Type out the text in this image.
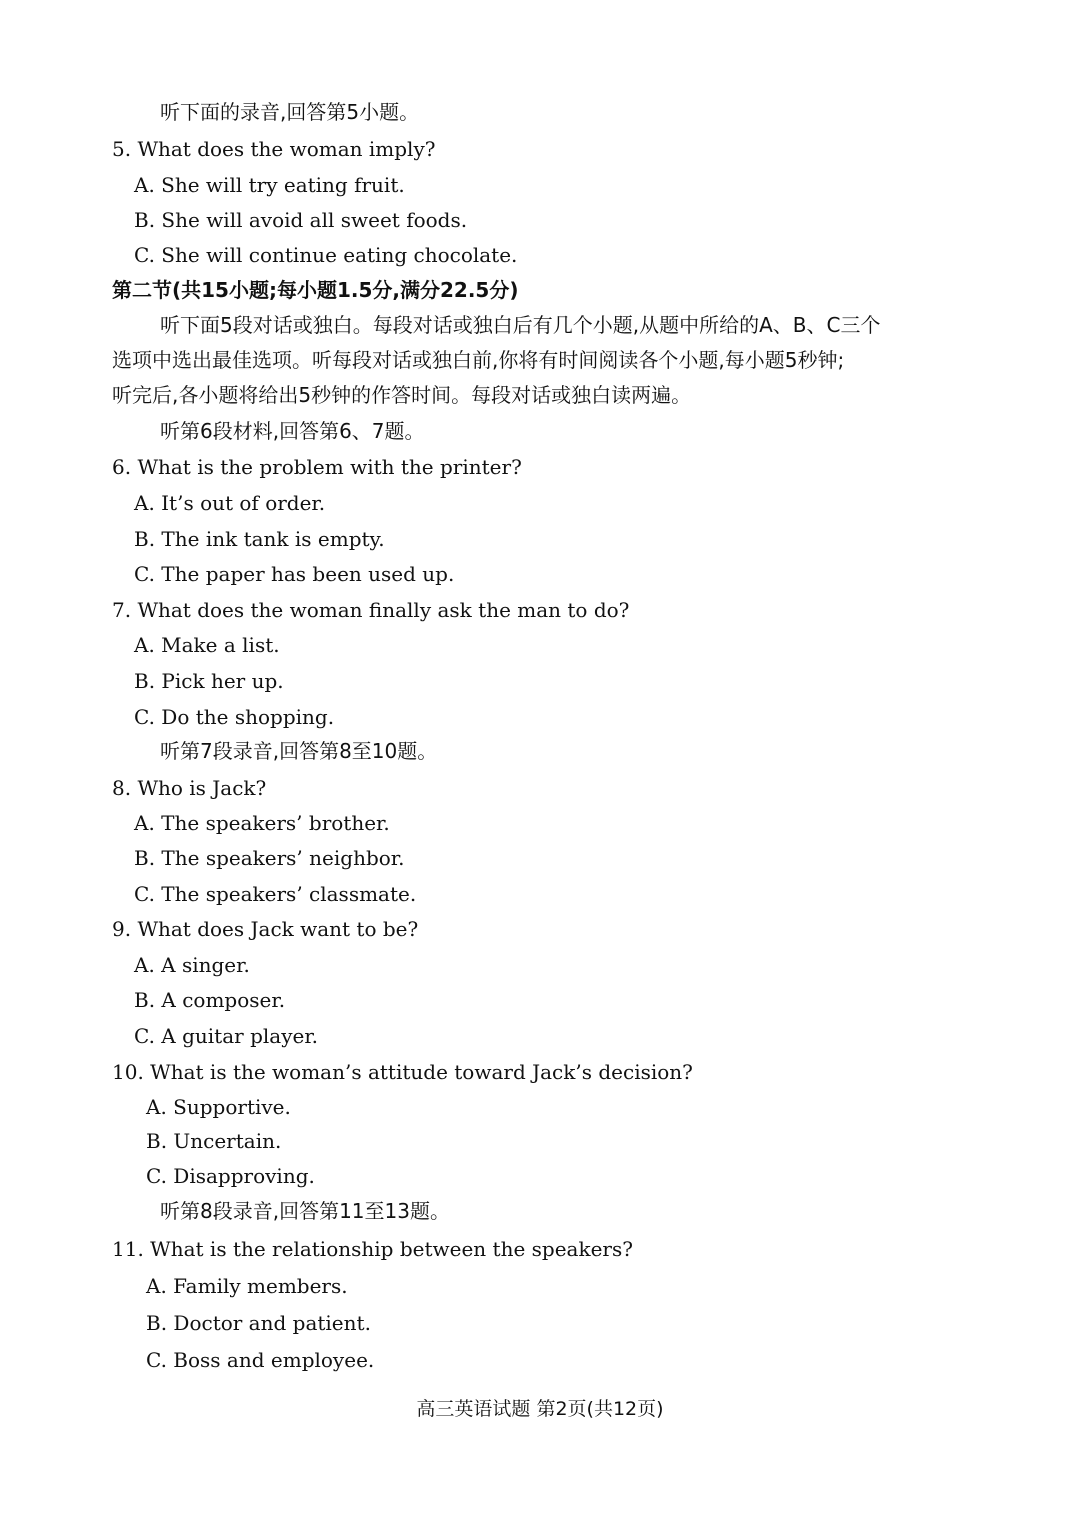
听下面的录音,回答第5小题。
5. What does the woman imply?
A. She will try eating fruit.
B. She will avoid all sweet foods.
C. She will continue eating chocolate.
第二节(共15小题;每小题1.5分,满分22.5分)
听下面5段对话或独白。每段对话或独白后有几个小题,从题中所给的A、B、C三个
选项中选出最佳选项。听每段对话或独白前,你将有时间阅读各个小题,每小题5秒钟;
听完后,各小题将给出5秒钟的作答时间。每段对话或独白读两遍。
听第6段材料,回答第6、7题。
6. What is the problem with the printer?
A. It’s out of order.
B. The ink tank is empty.
C. The paper has been used up.
7. What does the woman finally ask the man to do?
A. Make a list.
B. Pick her up.
C. Do the shopping.
听第7段录音,回答第8至10题。
8. Who is Jack?
A. The speakers’ brother.
B. The speakers’ neighbor.
C. The speakers’ classmate.
9. What does Jack want to be?
A. A singer.
B. A composer.
C. A guitar player.
10. What is the woman’s attitude toward Jack’s decision?
A. Supportive.
B. Uncertain.
C. Disapproving.
听第8段录音,回答第11至13题。
11. What is the relationship between the speakers?
A. Family members.
B. Doctor and patient.
C. Boss and employee.
高三英语试题 第2页(共12页)
